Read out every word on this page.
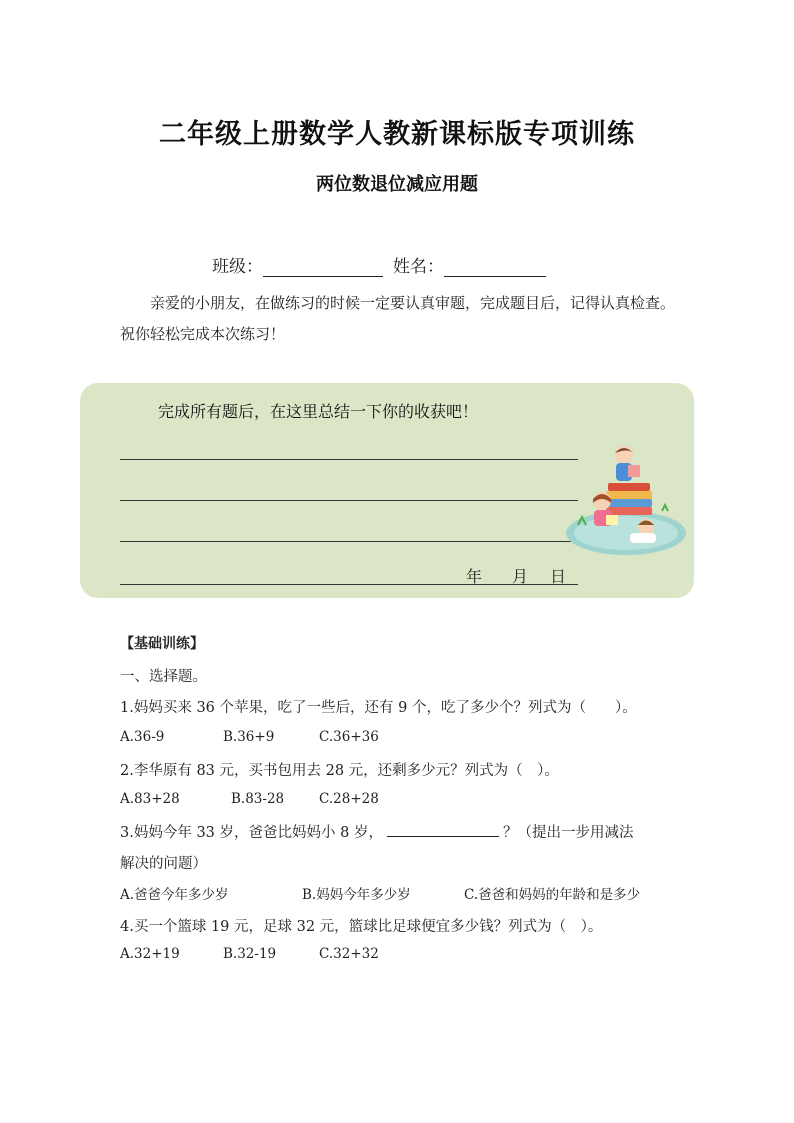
二年级上册数学人教新课标版专项训练
两位数退位减应用题
班级：	姓名：
亲爱的小朋友，在做练习的时候一定要认真审题，完成题目后，记得认真检查。祝你轻松完成本次练习！
完成所有题后，在这里总结一下你的收获吧！
年 月 日
【基础训练】
一、选择题。
1.妈妈买来 36 个苹果，吃了一些后，还有 9 个，吃了多少个？列式为（　　）。
A.36-9	B.36+9	C.36+36
2.李华原有 83 元，买书包用去 28 元，还剩多少元？列式为（　）。
A.83+28	B.83-28	C.28+28
3.妈妈今年 33 岁，爸爸比妈妈小 8 岁，	？（提出一步用减法
解决的问题）
A.爸爸今年多少岁	B.妈妈今年多少岁	C.爸爸和妈妈的年龄和是多少
4.买一个篮球 19 元，足球 32 元，篮球比足球便宜多少钱？列式为（　）。
A.32+19	B.32-19	C.32+32
